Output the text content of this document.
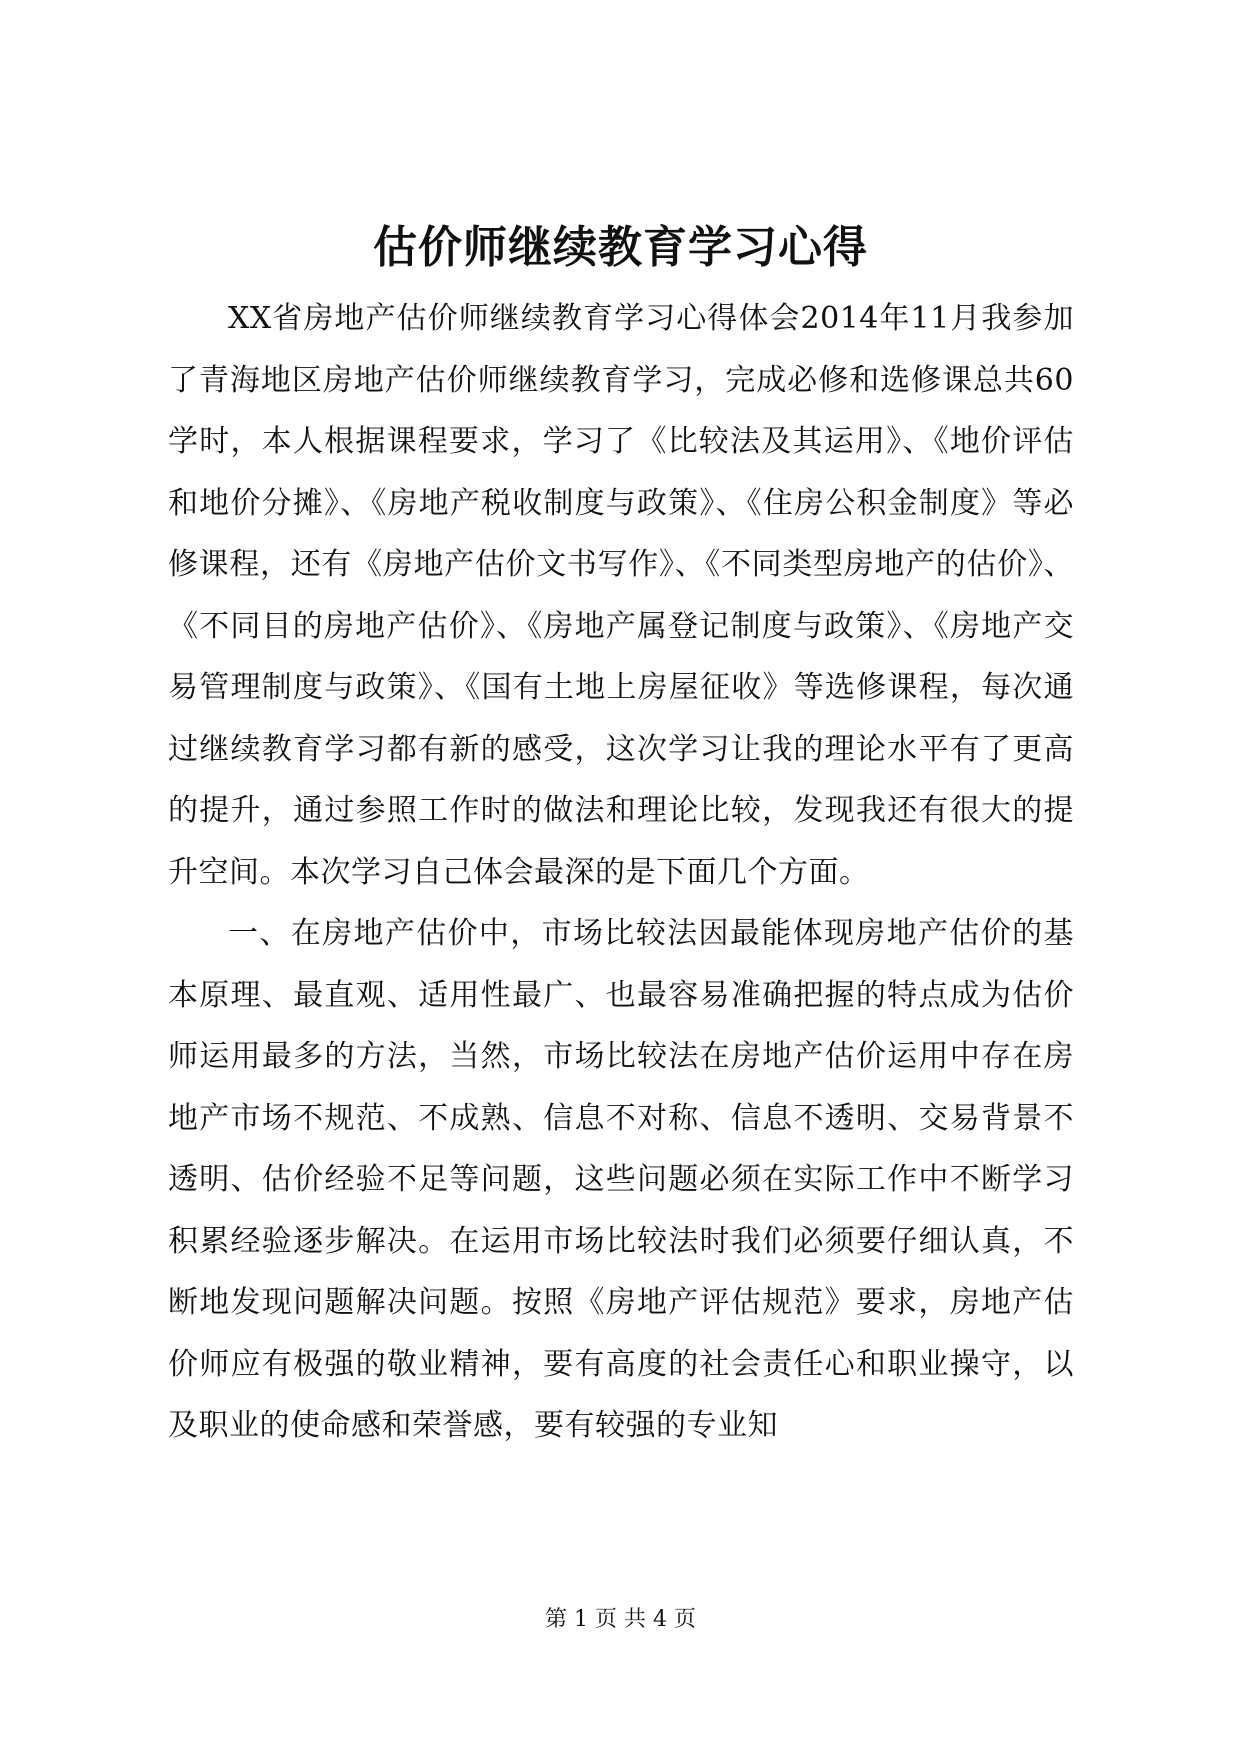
估价师继续教育学习心得

XX省房地产估价师继续教育学习心得体会2014年11月我参加了青海地区房地产估价师继续教育学习，完成必修和选修课总共60学时，本人根据课程要求，学习了《比较法及其运用》、《地价评估和地价分摊》、《房地产税收制度与政策》、《住房公积金制度》等必修课程，还有《房地产估价文书写作》、《不同类型房地产的估价》、《不同目的房地产估价》、《房地产属登记制度与政策》、《房地产交易管理制度与政策》、《国有土地上房屋征收》等选修课程，每次通过继续教育学习都有新的感受，这次学习让我的理论水平有了更高的提升，通过参照工作时的做法和理论比较，发现我还有很大的提升空间。本次学习自己体会最深的是下面几个方面。

一、在房地产估价中，市场比较法因最能体现房地产估价的基本原理、最直观、适用性最广、也最容易准确把握的特点成为估价师运用最多的方法，当然，市场比较法在房地产估价运用中存在房地产市场不规范、不成熟、信息不对称、信息不透明、交易背景不透明、估价经验不足等问题，这些问题必须在实际工作中不断学习积累经验逐步解决。在运用市场比较法时我们必须要仔细认真，不断地发现问题解决问题。按照《房地产评估规范》要求，房地产估价师应有极强的敬业精神，要有高度的社会责任心和职业操守，以及职业的使命感和荣誉感，要有较强的专业知

第 1 页 共 4 页
